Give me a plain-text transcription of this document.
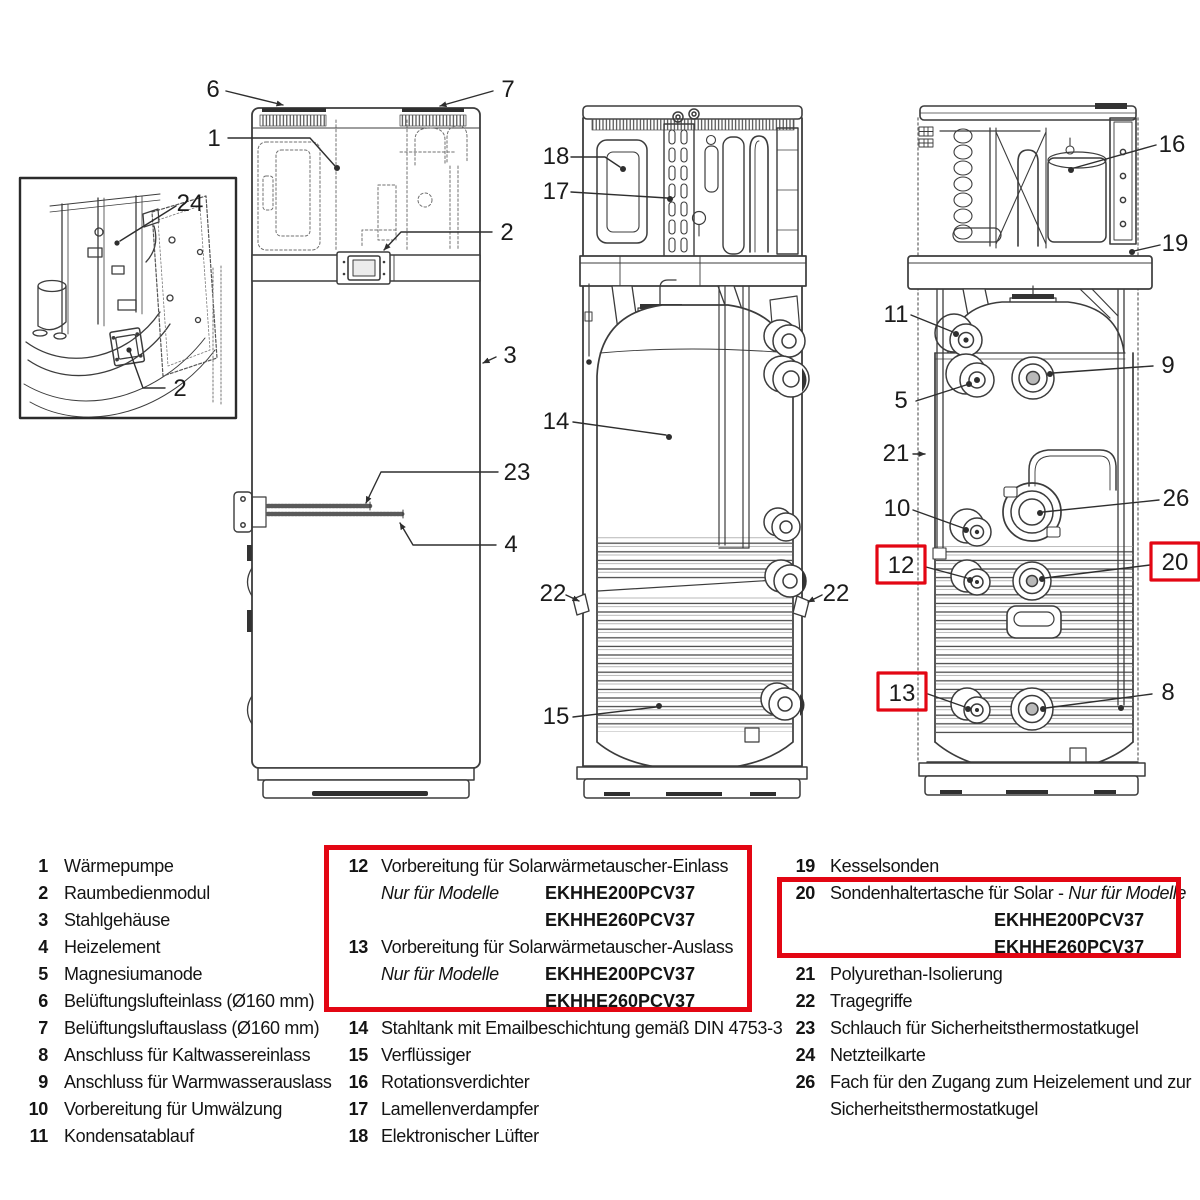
6	7
1
2
3
23
4
24
2
18
17
14
22	22
15
16
19
11
9
5
21
10	26
12	20
13	8
1 Wärmepumpe
2 Raumbedienmodul
3 Stahlgehäuse
4 Heizelement
5 Magnesiumanode
6 Belüftungslufteinlass (Ø160 mm)
7 Belüftungsluftauslass (Ø160 mm)
8 Anschluss für Kaltwassereinlass
9 Anschluss für Warmwasserauslass
10 Vorbereitung für Umwälzung
11 Kondensatablauf
12 Vorbereitung für Solarwärmetauscher-Einlass
Nur für Modelle	EKHHE200PCV37
EKHHE260PCV37
13 Vorbereitung für Solarwärmetauscher-Auslass
Nur für Modelle	EKHHE200PCV37
EKHHE260PCV37
14 Stahltank mit Emailbeschichtung gemäß DIN 4753-3
15 Verflüssiger
16 Rotationsverdichter
17 Lamellenverdampfer
18 Elektronischer Lüfter
19 Kesselsonden
20 Sondenhaltertasche für Solar - Nur für Modelle
EKHHE200PCV37
EKHHE260PCV37
21 Polyurethan-Isolierung
22 Tragegriffe
23 Schlauch für Sicherheitsthermostatkugel
24 Netzteilkarte
26 Fach für den Zugang zum Heizelement und zur
Sicherheitsthermostatkugel
